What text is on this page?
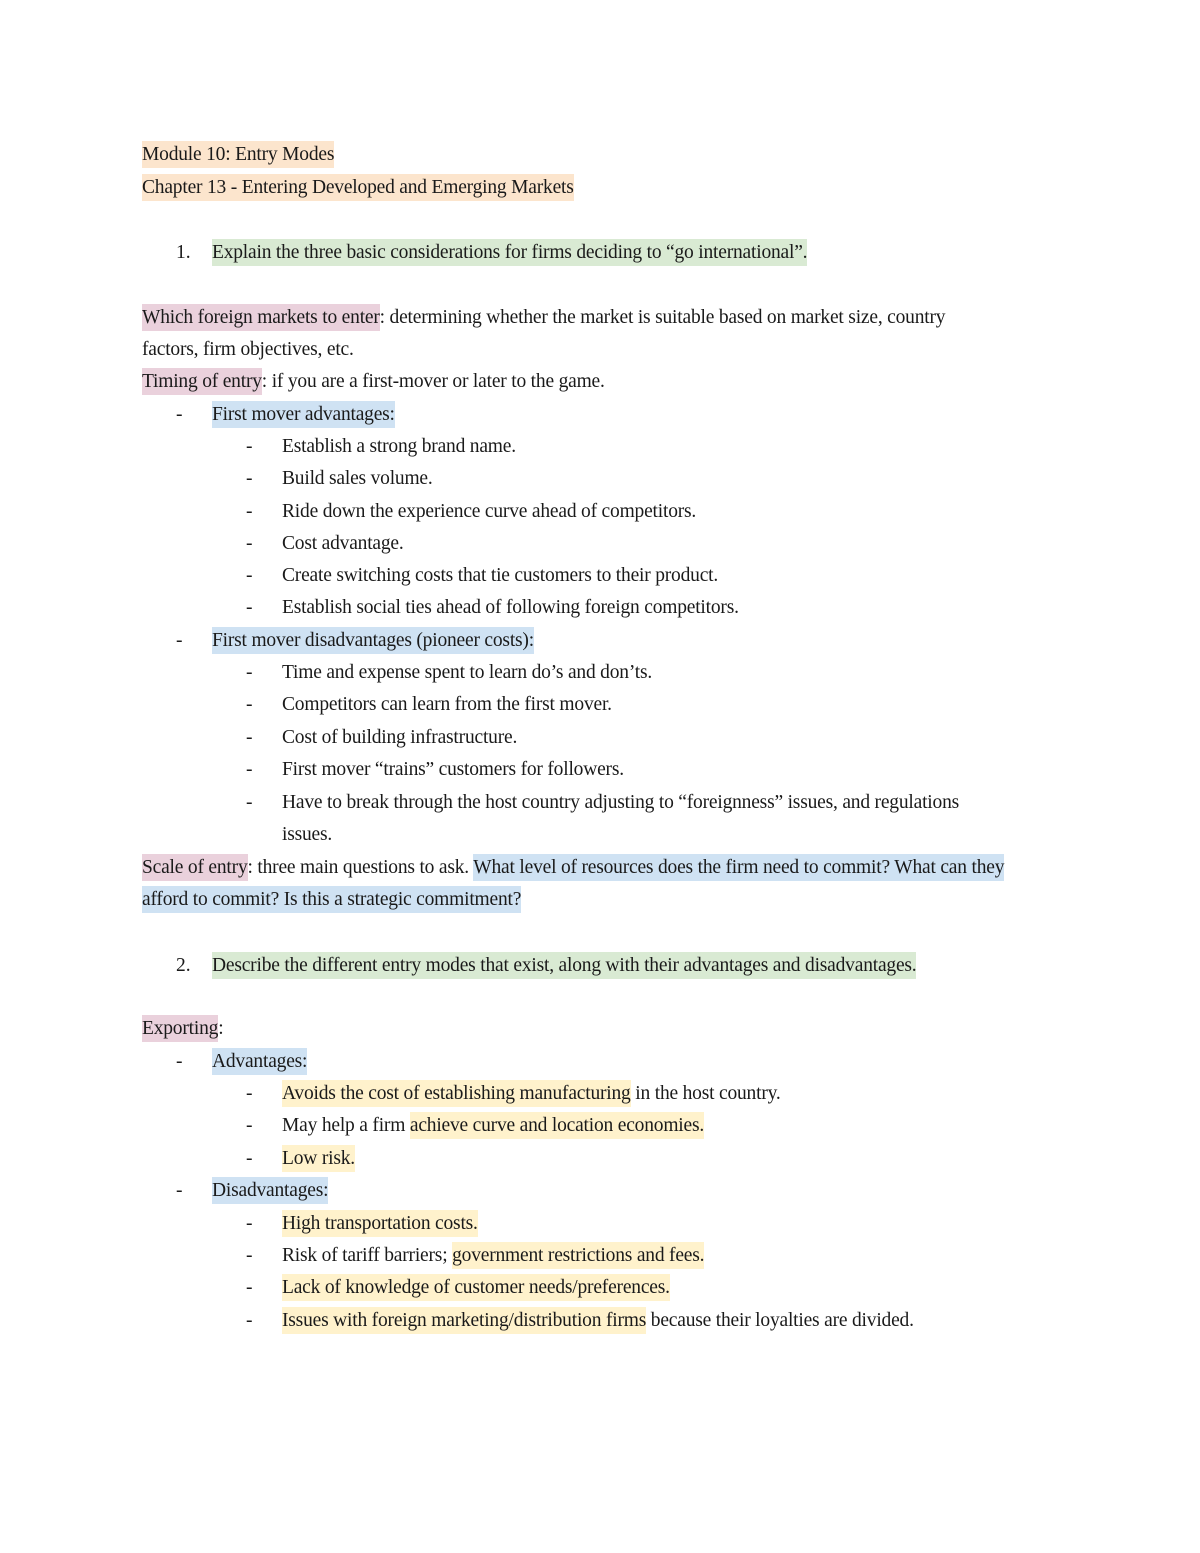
Module 10: Entry Modes
Chapter 13 - Entering Developed and Emerging Markets
1. Explain the three basic considerations for firms deciding to “go international”.
Which foreign markets to enter: determining whether the market is suitable based on market size, country
factors, firm objectives, etc.
Timing of entry: if you are a first-mover or later to the game.
- First mover advantages:
- Establish a strong brand name.
- Build sales volume.
- Ride down the experience curve ahead of competitors.
- Cost advantage.
- Create switching costs that tie customers to their product.
- Establish social ties ahead of following foreign competitors.
- First mover disadvantages (pioneer costs):
- Time and expense spent to learn do’s and don’ts.
- Competitors can learn from the first mover.
- Cost of building infrastructure.
- First mover “trains” customers for followers.
- Have to break through the host country adjusting to “foreignness” issues, and regulations
issues.
Scale of entry: three main questions to ask. What level of resources does the firm need to commit? What can they
afford to commit? Is this a strategic commitment?
2. Describe the different entry modes that exist, along with their advantages and disadvantages.
Exporting:
- Advantages:
- Avoids the cost of establishing manufacturing in the host country.
- May help a firm achieve curve and location economies.
- Low risk.
- Disadvantages:
- High transportation costs.
- Risk of tariff barriers; government restrictions and fees.
- Lack of knowledge of customer needs/preferences.
- Issues with foreign marketing/distribution firms because their loyalties are divided.
